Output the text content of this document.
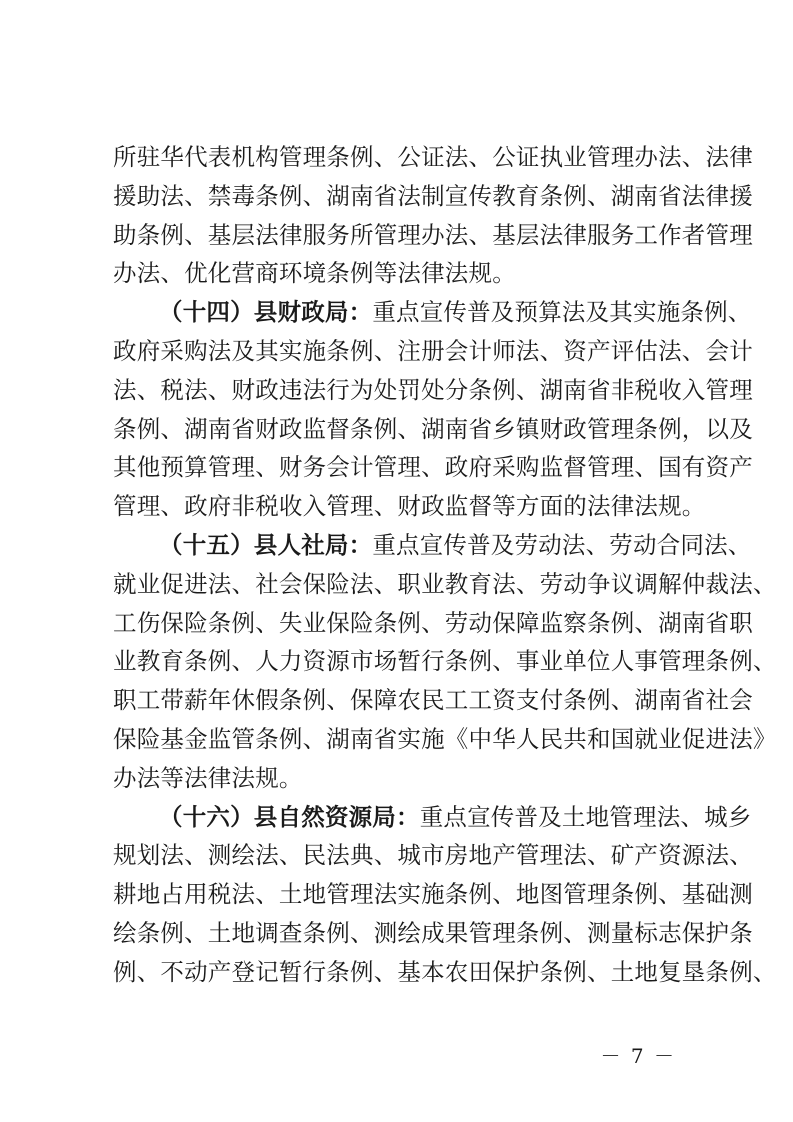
所驻华代表机构管理条例、公证法、公证执业管理办法、法律
援助法、禁毒条例、湖南省法制宣传教育条例、湖南省法律援
助条例、基层法律服务所管理办法、基层法律服务工作者管理
办法、优化营商环境条例等法律法规。
（十四）县财政局：重点宣传普及预算法及其实施条例、
政府采购法及其实施条例、注册会计师法、资产评估法、会计
法、税法、财政违法行为处罚处分条例、湖南省非税收入管理
条例、湖南省财政监督条例、湖南省乡镇财政管理条例，以及
其他预算管理、财务会计管理、政府采购监督管理、国有资产
管理、政府非税收入管理、财政监督等方面的法律法规。
（十五）县人社局：重点宣传普及劳动法、劳动合同法、
就业促进法、社会保险法、职业教育法、劳动争议调解仲裁法、
工伤保险条例、失业保险条例、劳动保障监察条例、湖南省职
业教育条例、人力资源市场暂行条例、事业单位人事管理条例、
职工带薪年休假条例、保障农民工工资支付条例、湖南省社会
保险基金监管条例、湖南省实施《中华人民共和国就业促进法》
办法等法律法规。
（十六）县自然资源局：重点宣传普及土地管理法、城乡
规划法、测绘法、民法典、城市房地产管理法、矿产资源法、
耕地占用税法、土地管理法实施条例、地图管理条例、基础测
绘条例、土地调查条例、测绘成果管理条例、测量标志保护条
例、不动产登记暂行条例、基本农田保护条例、土地复垦条例、
－ 7 －
